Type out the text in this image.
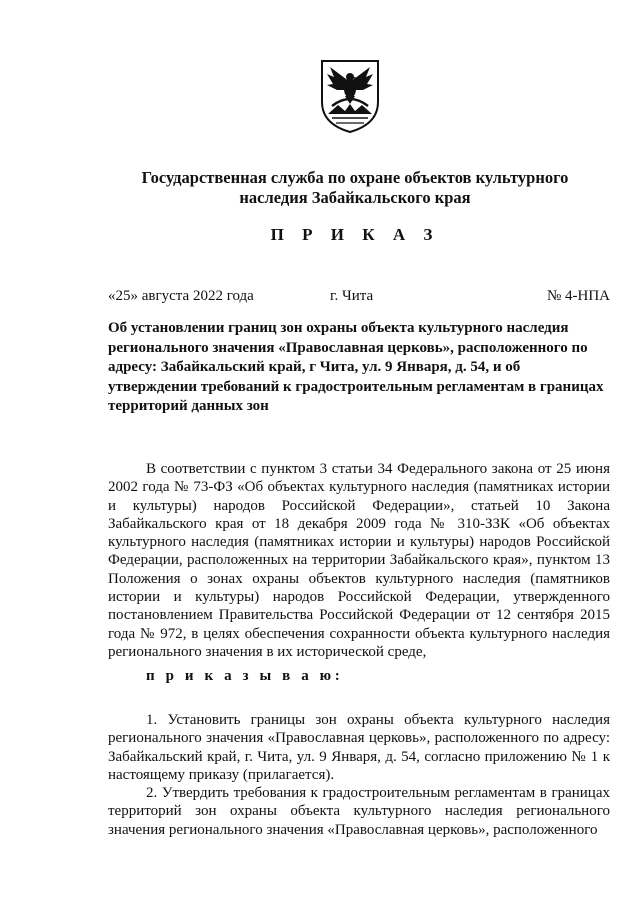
Государственная служба по охране объектов культурного
наследия Забайкальского края
П Р И К А З
«25» августа 2022 года	г. Чита	№ 4-НПА
Об установлении границ зон охраны объекта культурного наследия регионального значения «Православная церковь», расположенного по адресу: Забайкальский край, г Чита, ул. 9 Января, д. 54, и об утверждении требований к градостроительным регламентам в границах территорий данных зон

В соответствии с пунктом 3 статьи 34 Федерального закона от 25 июня 2002 года № 73-ФЗ «Об объектах культурного наследия (памятниках истории и культуры) народов Российской Федерации», статьей 10 Закона Забайкальского края от 18 декабря 2009 года № 310-ЗЗК «Об объектах культурного наследия (памятниках истории и культуры) народов Российской Федерации, расположенных на территории Забайкальского края», пунктом 13 Положения о зонах охраны объектов культурного наследия (памятников истории и культуры) народов Российской Федерации, утвержденного постановлением Правительства Российской Федерации от 12 сентября 2015 года № 972, в целях обеспечения сохранности объекта культурного наследия регионального значения в их исторической среде,

п р и к а з ы в а ю:

1. Установить границы зон охраны объекта культурного наследия регионального значения «Православная церковь», расположенного по адресу: Забайкальский край, г. Чита, ул. 9 Января, д. 54, согласно приложению № 1 к настоящему приказу (прилагается).

2. Утвердить требования к градостроительным регламентам в границах территорий зон охраны объекта культурного наследия регионального значения регионального значения «Православная церковь», расположенного
